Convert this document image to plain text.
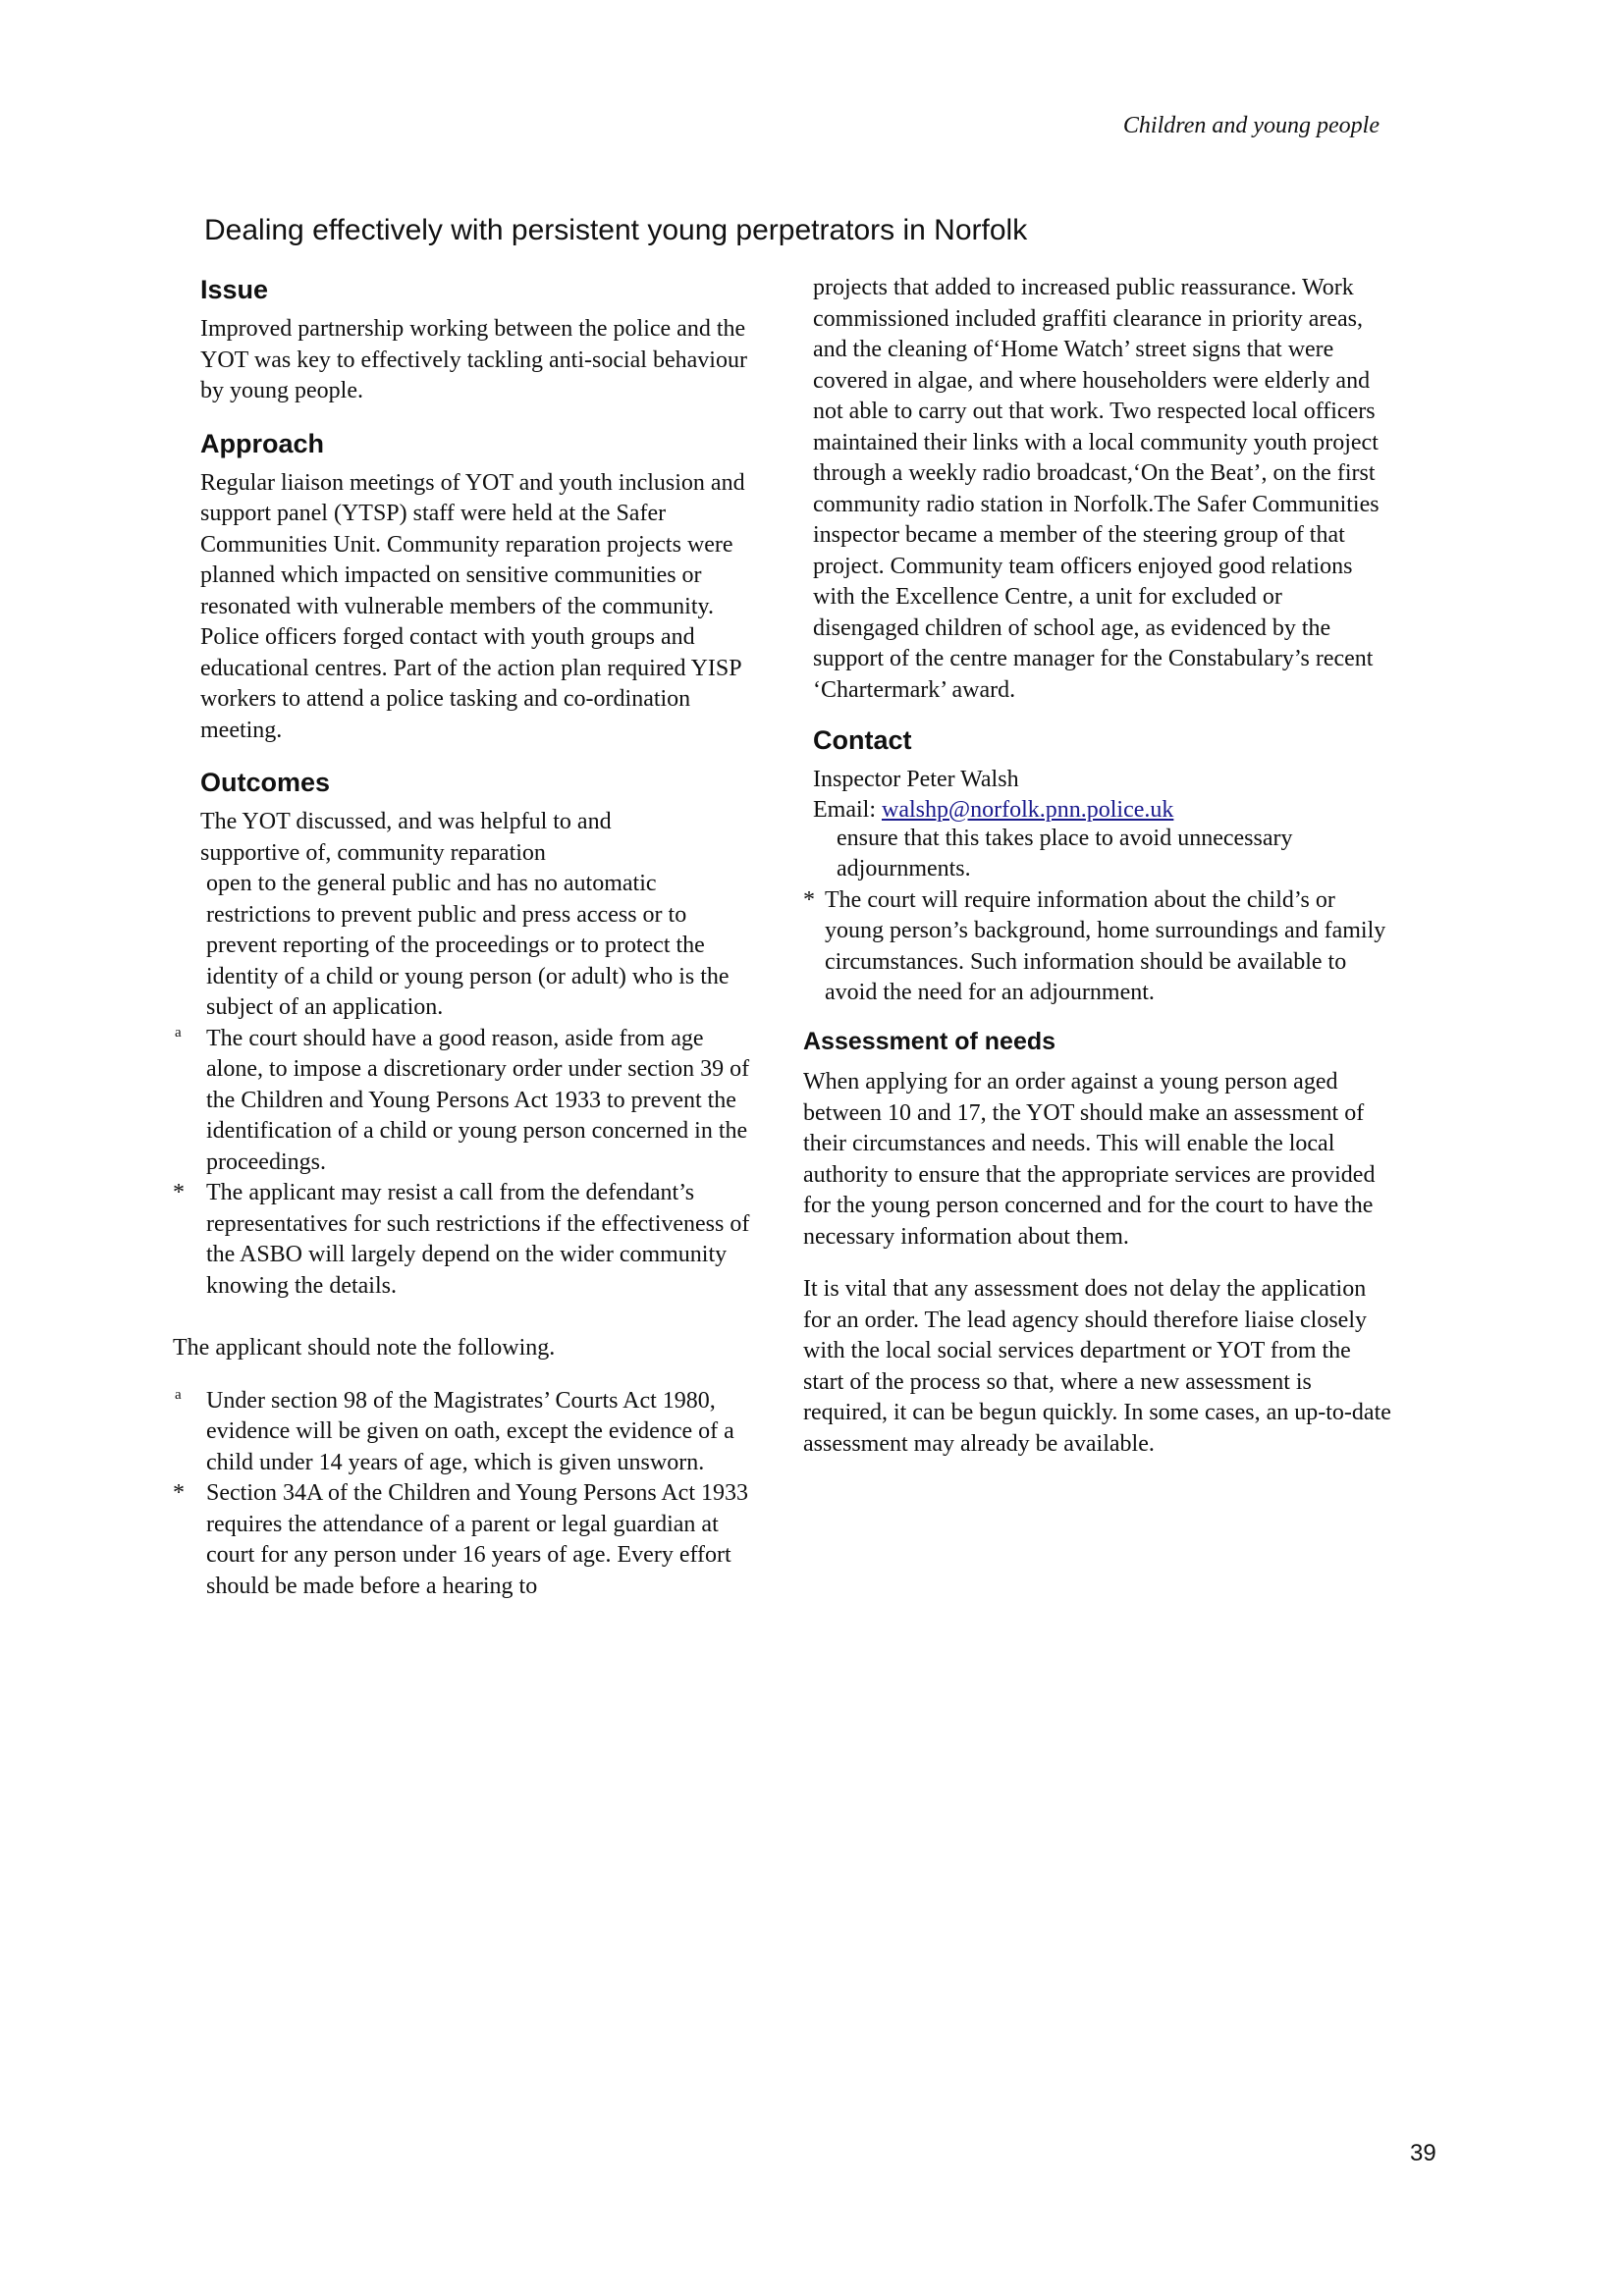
Children and young people
Dealing effectively with persistent young perpetrators in Norfolk
Issue
Improved partnership working between the police and the YOT was key to effectively tackling anti-social behaviour by young people.
Approach
Regular liaison meetings of YOT and youth inclusion and support panel (YTSP) staff were held at the Safer Communities Unit. Community reparation projects were planned which impacted on sensitive communities or resonated with vulnerable members of the community. Police officers forged contact with youth groups and educational centres. Part of the action plan required YISP workers to attend a police tasking and co-ordination meeting.
Outcomes
The YOT discussed, and was helpful to and supportive of, community reparation
open to the general public and has no automatic restrictions to prevent public and press access or to prevent reporting of the proceedings or to protect the identity of a child or young person (or adult) who is the subject of an application.
a The court should have a good reason, aside from age alone, to impose a discretionary order under section 39 of the Children and Young Persons Act 1933 to prevent the identification of a child or young person concerned in the proceedings.
* The applicant may resist a call from the defendant’s representatives for such restrictions if the effectiveness of the ASBO will largely depend on the wider community knowing the details.
The applicant should note the following.
a Under section 98 of the Magistrates’ Courts Act 1980, evidence will be given on oath, except the evidence of a child under 14 years of age, which is given unsworn.
* Section 34A of the Children and Young Persons Act 1933 requires the attendance of a parent or legal guardian at court for any person under 16 years of age. Every effort should be made before a hearing to
projects that added to increased public reassurance. Work commissioned included graffiti clearance in priority areas, and the cleaning of‘Home Watch’ street signs that were covered in algae, and where householders were elderly and not able to carry out that work. Two respected local officers maintained their links with a local community youth project through a weekly radio broadcast,‘On the Beat’, on the first community radio station in Norfolk.The Safer Communities inspector became a member of the steering group of that project. Community team officers enjoyed good relations with the Excellence Centre, a unit for excluded or disengaged children of school age, as evidenced by the support of the centre manager for the Constabulary’s recent ‘Chartermark’ award.
Contact
Inspector Peter Walsh
Email: walshp@norfolk.pnn.police.uk
ensure that this takes place to avoid unnecessary adjournments.
* The court will require information about the child’s or young person’s background, home surroundings and family circumstances. Such information should be available to avoid the need for an adjournment.
Assessment of needs
When applying for an order against a young person aged between 10 and 17, the YOT should make an assessment of their circumstances and needs. This will enable the local authority to ensure that the appropriate services are provided for the young person concerned and for the court to have the necessary information about them.
It is vital that any assessment does not delay the application for an order. The lead agency should therefore liaise closely with the local social services department or YOT from the start of the process so that, where a new assessment is required, it can be begun quickly. In some cases, an up-to-date assessment may already be available.
39
